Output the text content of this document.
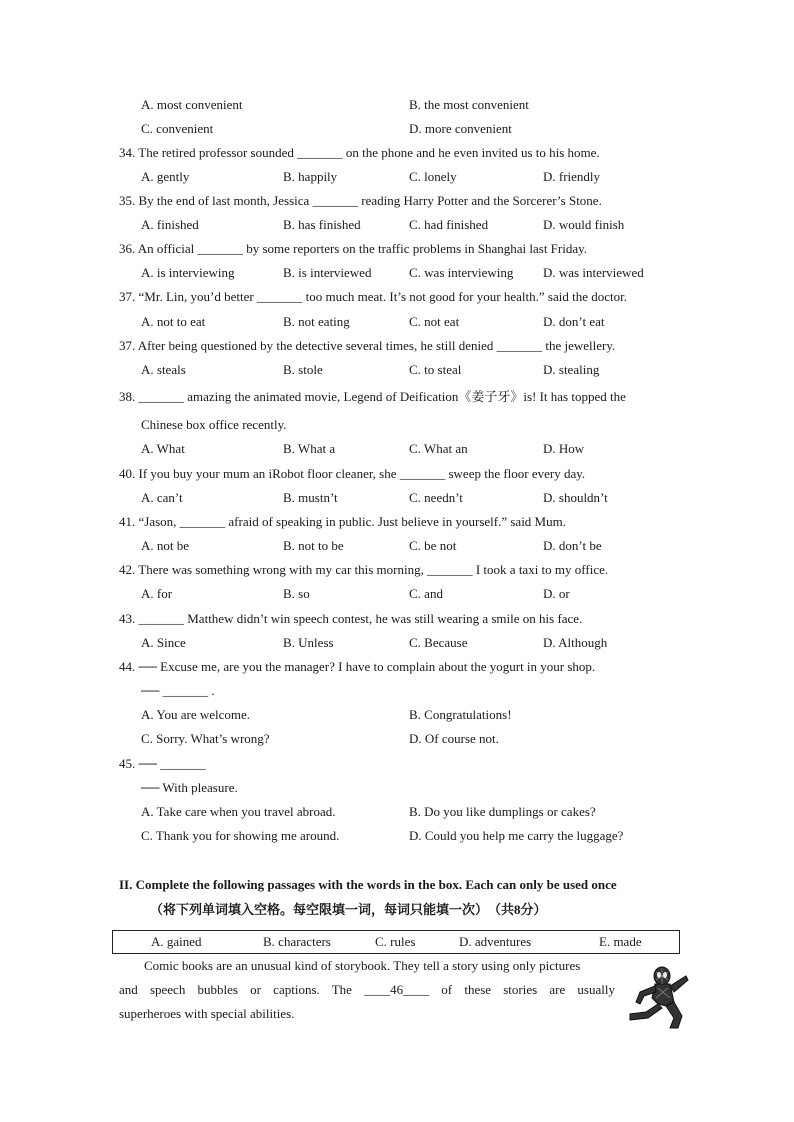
A. most convenient	B. the most convenient
C. convenient	D. more convenient
34. The retired professor sounded _______ on the phone and he even invited us to his home.
A. gently	B. happily	C. lonely	D. friendly
35. By the end of last month, Jessica _______ reading Harry Potter and the Sorcerer’s Stone.
A. finished	B. has finished	C. had finished	D. would finish
36. An official _______ by some reporters on the traffic problems in Shanghai last Friday.
A. is interviewing	B. is interviewed	C. was interviewing D. was interviewed
37. “Mr. Lin, you’d better _______ too much meat. It’s not good for your health.” said the doctor.
A. not to eat	B. not eating	C. not eat	D. don’t eat
37. After being questioned by the detective several times, he still denied _______ the jewellery.
A. steals	B. stole	C. to steal	D. stealing
38. _______ amazing the animated movie, Legend of Deification《姜子牙》is! It has topped the
Chinese box office recently.
A. What	B. What a	C. What an	D. How
40. If you buy your mum an iRobot floor cleaner, she _______ sweep the floor every day.
A. can’t	B. mustn’t	C. needn’t	D. shouldn’t
41. “Jason, _______ afraid of speaking in public. Just believe in yourself.” said Mum.
A. not be	B. not to be	C. be not	D. don’t be
42. There was something wrong with my car this morning, _______ I took a taxi to my office.
A. for	B. so	C. and	D. or
43. _______ Matthew didn’t win speech contest, he was still wearing a smile on his face.
A. Since	B. Unless	C. Because	D. Although
44. ── Excuse me, are you the manager? I have to complain about the yogurt in your shop.
── _______ .
A. You are welcome.	B. Congratulations!
C. Sorry. What’s wrong?	D. Of course not.
45. ── _______
── With pleasure.
A. Take care when you travel abroad.	B. Do you like dumplings or cakes?
C. Thank you for showing me around.	D. Could you help me carry the luggage?
II. Complete the following passages with the words in the box. Each can only be used once
（将下列单词填入空格。每空限填一词，每词只能填一次）　（共8分）
A. gained	B. characters	C. rules	D. adventures	E. made
Comic books are an unusual kind of storybook. They tell a story using only pictures
and speech bubbles or captions. The ____46____ of these stories are usually
superheroes with special abilities.
